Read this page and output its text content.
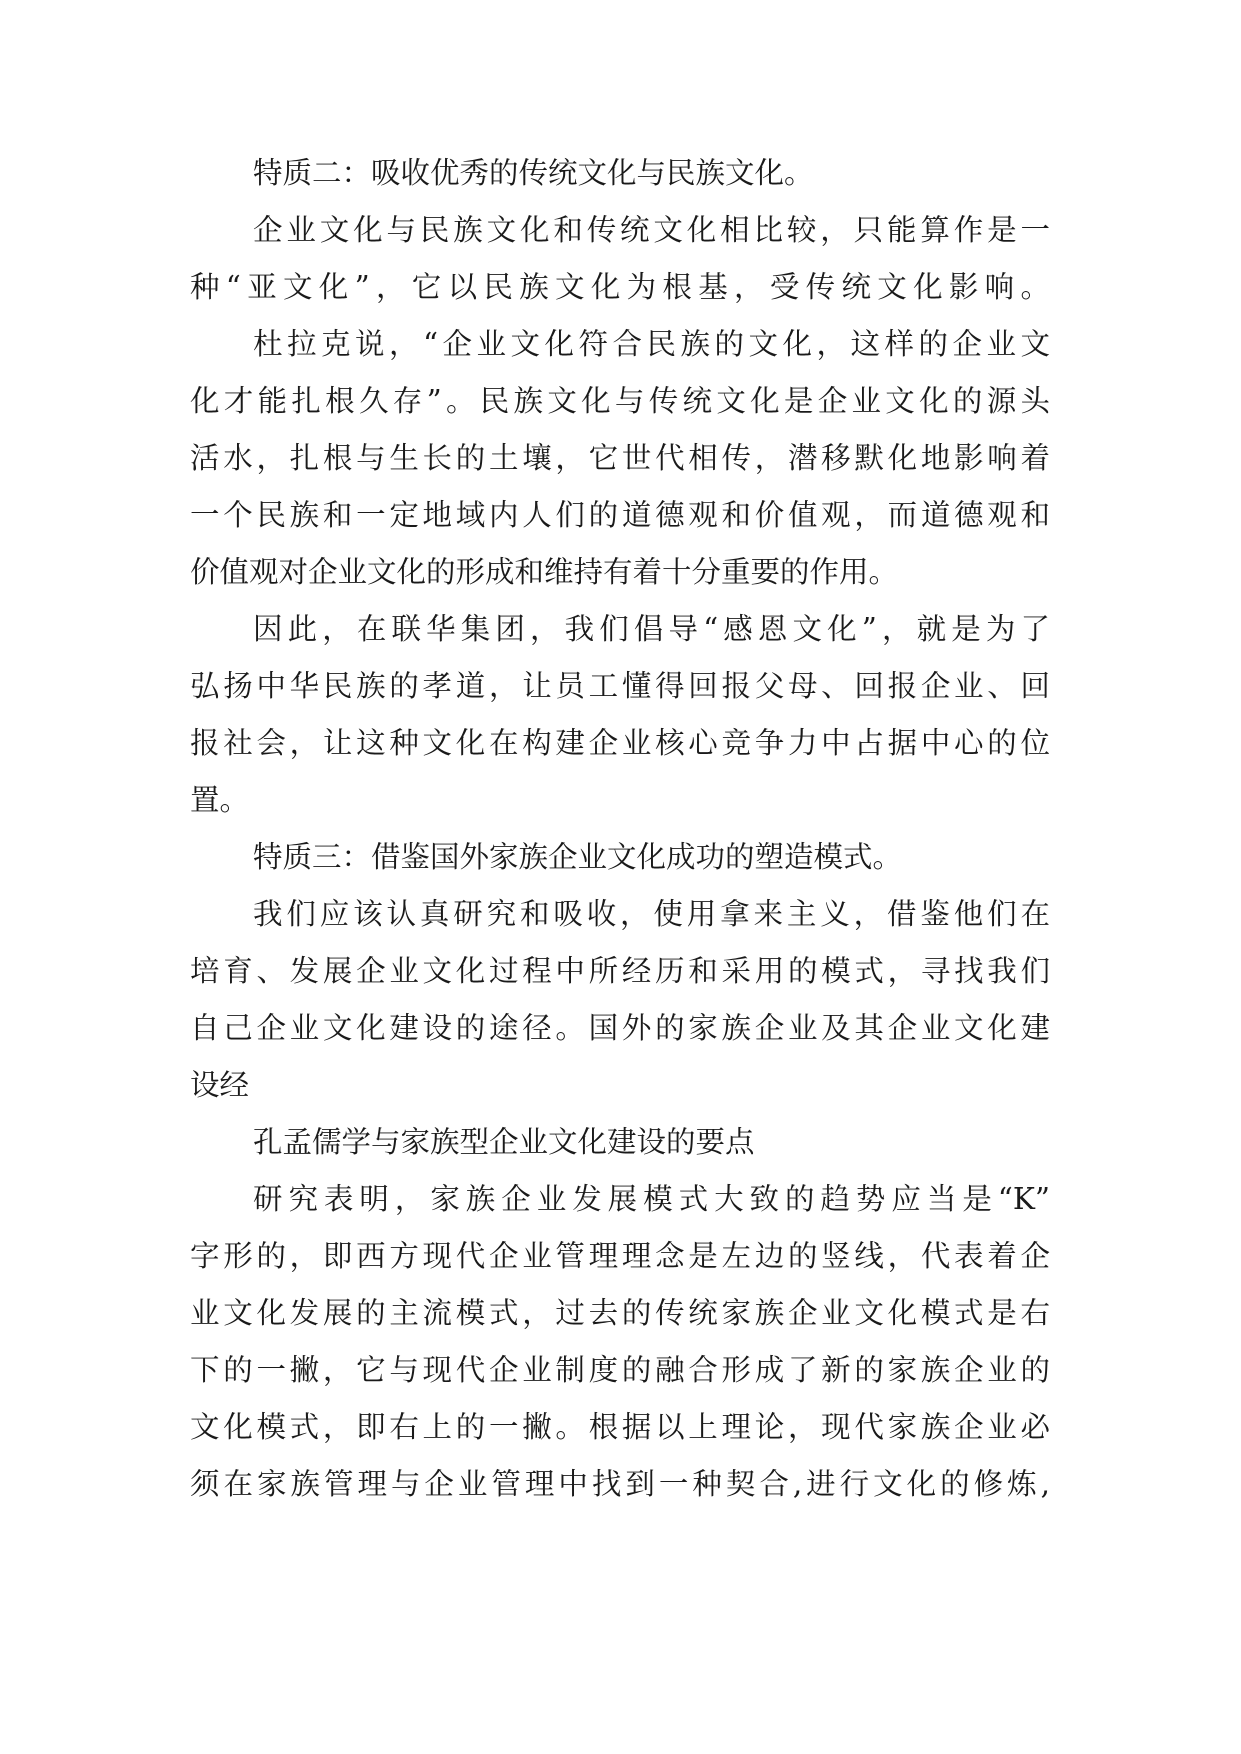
特质二：吸收优秀的传统文化与民族文化。
企业文化与民族文化和传统文化相比较，只能算作是一
种“亚文化”，它以民族文化为根基，受传统文化影响。
杜拉克说，“企业文化符合民族的文化，这样的企业文
化才能扎根久存”。民族文化与传统文化是企业文化的源头
活水，扎根与生长的土壤，它世代相传，潜移默化地影响着
一个民族和一定地域内人们的道德观和价值观，而道德观和
价值观对企业文化的形成和维持有着十分重要的作用。
因此，在联华集团，我们倡导“感恩文化”，就是为了
弘扬中华民族的孝道，让员工懂得回报父母、回报企业、回
报社会，让这种文化在构建企业核心竞争力中占据中心的位
置。
特质三：借鉴国外家族企业文化成功的塑造模式。
我们应该认真研究和吸收，使用拿来主义，借鉴他们在
培育、发展企业文化过程中所经历和采用的模式，寻找我们
自己企业文化建设的途径。国外的家族企业及其企业文化建
设经
孔孟儒学与家族型企业文化建设的要点
研究表明，家族企业发展模式大致的趋势应当是“K”
字形的，即西方现代企业管理理念是左边的竖线，代表着企
业文化发展的主流模式，过去的传统家族企业文化模式是右
下的一撇，它与现代企业制度的融合形成了新的家族企业的
文化模式，即右上的一撇。根据以上理论，现代家族企业必
须在家族管理与企业管理中找到一种契合,进行文化的修炼,
